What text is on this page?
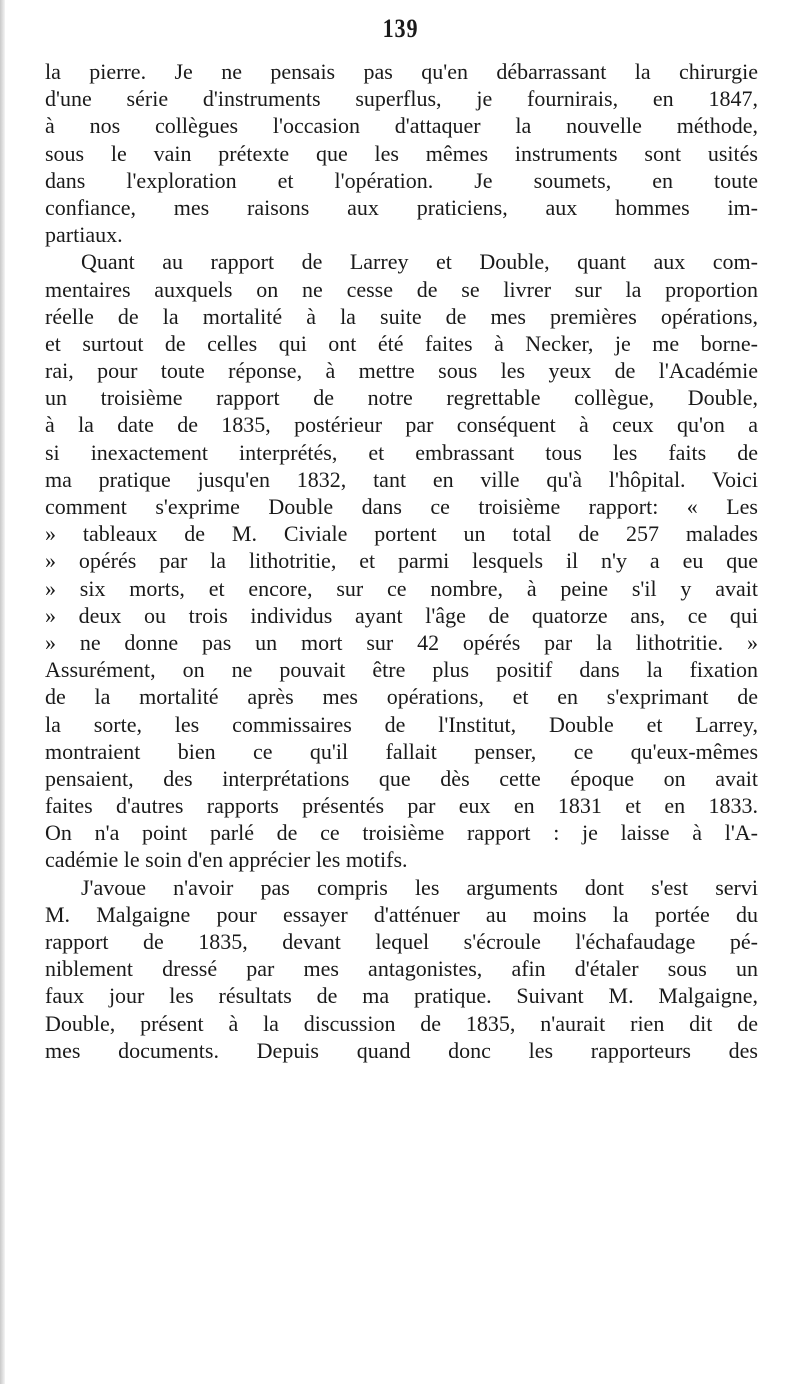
139
la pierre. Je ne pensais pas qu'en débarrassant la chirurgie
d'une série d'instruments superflus, je fournirais, en 1847,
à nos collègues l'occasion d'attaquer la nouvelle méthode,
sous le vain prétexte que les mêmes instruments sont usités
dans l'exploration et l'opération. Je soumets, en toute
confiance, mes raisons aux praticiens, aux hommes im-
partiaux.
Quant au rapport de Larrey et Double, quant aux com-
mentaires auxquels on ne cesse de se livrer sur la proportion
réelle de la mortalité à la suite de mes premières opérations,
et surtout de celles qui ont été faites à Necker, je me borne-
rai, pour toute réponse, à mettre sous les yeux de l'Académie
un troisième rapport de notre regrettable collègue, Double,
à la date de 1835, postérieur par conséquent à ceux qu'on a
si inexactement interprétés, et embrassant tous les faits de
ma pratique jusqu'en 1832, tant en ville qu'à l'hôpital. Voici
comment s'exprime Double dans ce troisième rapport: « Les
» tableaux de M. Civiale portent un total de 257 malades
» opérés par la lithotritie, et parmi lesquels il n'y a eu que
» six morts, et encore, sur ce nombre, à peine s'il y avait
» deux ou trois individus ayant l'âge de quatorze ans, ce qui
» ne donne pas un mort sur 42 opérés par la lithotritie. »
Assurément, on ne pouvait être plus positif dans la fixation
de la mortalité après mes opérations, et en s'exprimant de
la sorte, les commissaires de l'Institut, Double et Larrey,
montraient bien ce qu'il fallait penser, ce qu'eux-mêmes
pensaient, des interprétations que dès cette époque on avait
faites d'autres rapports présentés par eux en 1831 et en 1833.
On n'a point parlé de ce troisième rapport : je laisse à l'A-
cadémie le soin d'en apprécier les motifs.
J'avoue n'avoir pas compris les arguments dont s'est servi
M. Malgaigne pour essayer d'atténuer au moins la portée du
rapport de 1835, devant lequel s'écroule l'échafaudage pé-
niblement dressé par mes antagonistes, afin d'étaler sous un
faux jour les résultats de ma pratique. Suivant M. Malgaigne,
Double, présent à la discussion de 1835, n'aurait rien dit de
mes documents. Depuis quand donc les rapporteurs des
